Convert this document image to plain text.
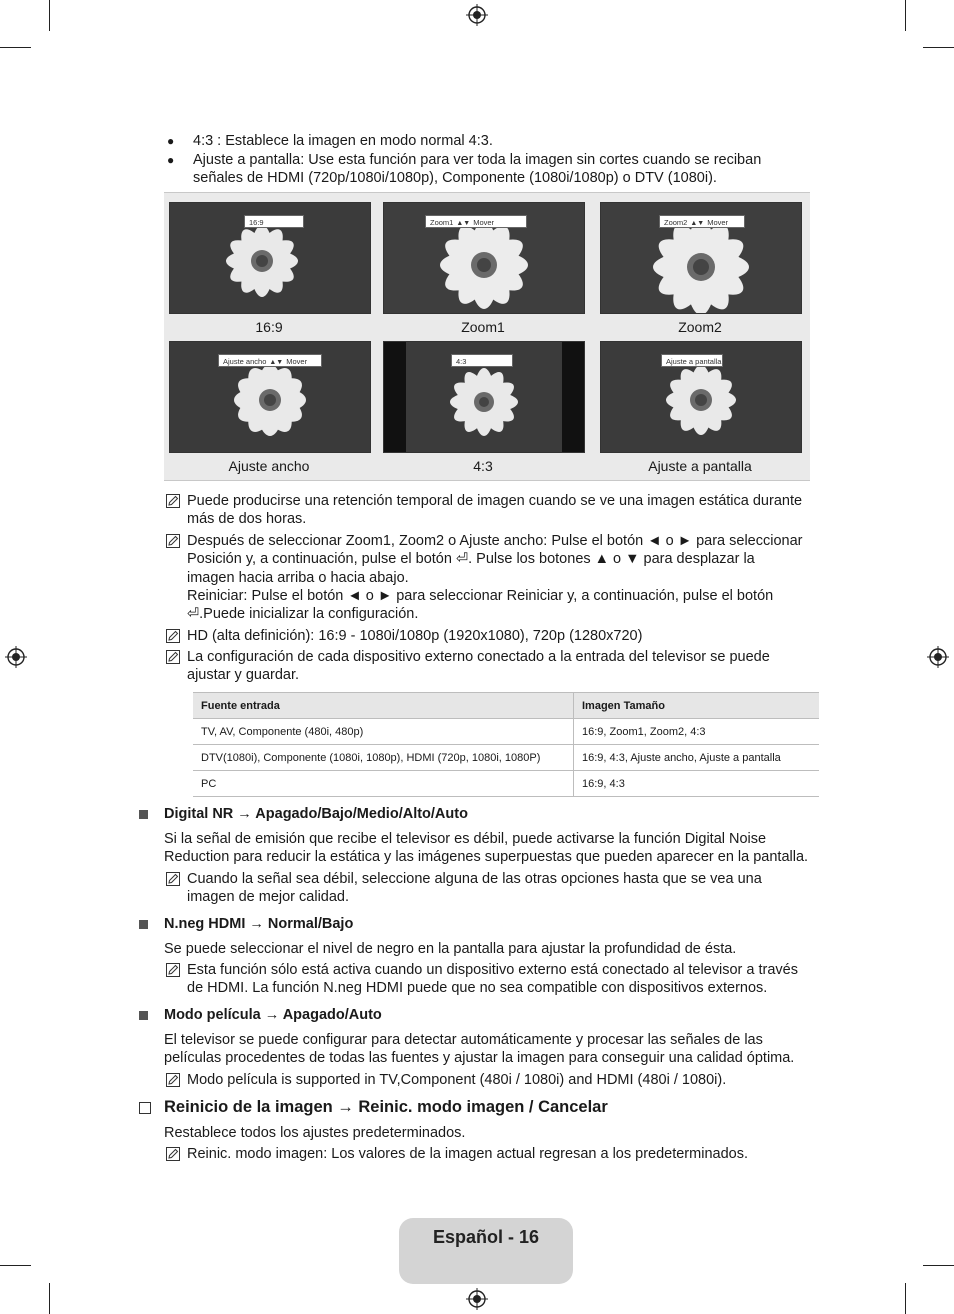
● 4:3 : Establece la imagen en modo normal 4:3.
● Ajuste a pantalla: Use esta función para ver toda la imagen sin cortes cuando se reciban
señales de HDMI (720p/1080i/1080p), Componente (1080i/1080p) o DTV (1080i).
16:9	Zoom1 ▲▼ Mover	Zoom2 ▲▼ Mover
16:9	Zoom1	Zoom2
Ajuste ancho ▲▼ Mover	4:3	Ajuste a pantalla
Ajuste ancho	4:3	Ajuste a pantalla
Puede producirse una retención temporal de imagen cuando se ve una imagen estática durante
más de dos horas.
Después de seleccionar Zoom1, Zoom2 o Ajuste ancho: Pulse el botón ◄ o ► para seleccionar
Posición y, a continuación, pulse el botón ⏎. Pulse los botones ▲ o ▼ para desplazar la
imagen hacia arriba o hacia abajo.
Reiniciar: Pulse el botón ◄ o ► para seleccionar Reiniciar y, a continuación, pulse el botón
⏎.Puede inicializar la configuración.
HD (alta definición): 16:9 - 1080i/1080p (1920x1080), 720p (1280x720)
La configuración de cada dispositivo externo conectado a la entrada del televisor se puede
ajustar y guardar.
Fuente entrada	Imagen Tamaño
TV, AV, Componente (480i, 480p)	16:9, Zoom1, Zoom2, 4:3
DTV(1080i), Componente (1080i, 1080p), HDMI (720p, 1080i, 1080P)	16:9, 4:3, Ajuste ancho, Ajuste a pantalla
PC	16:9, 4:3
Digital NR → Apagado/Bajo/Medio/Alto/Auto
Si la señal de emisión que recibe el televisor es débil, puede activarse la función Digital Noise
Reduction para reducir la estática y las imágenes superpuestas que pueden aparecer en la pantalla.
Cuando la señal sea débil, seleccione alguna de las otras opciones hasta que se vea una
imagen de mejor calidad.
N.neg HDMI → Normal/Bajo
Se puede seleccionar el nivel de negro en la pantalla para ajustar la profundidad de ésta.
Esta función sólo está activa cuando un dispositivo externo está conectado al televisor a través
de HDMI. La función N.neg HDMI puede que no sea compatible con dispositivos externos.
Modo película → Apagado/Auto
El televisor se puede configurar para detectar automáticamente y procesar las señales de las
películas procedentes de todas las fuentes y ajustar la imagen para conseguir una calidad óptima.
Modo película is supported in TV,Component (480i / 1080i) and HDMI (480i / 1080i).
Reinicio de la imagen → Reinic. modo imagen / Cancelar
Restablece todos los ajustes predeterminados.
Reinic. modo imagen: Los valores de la imagen actual regresan a los predeterminados.
Español - 16
